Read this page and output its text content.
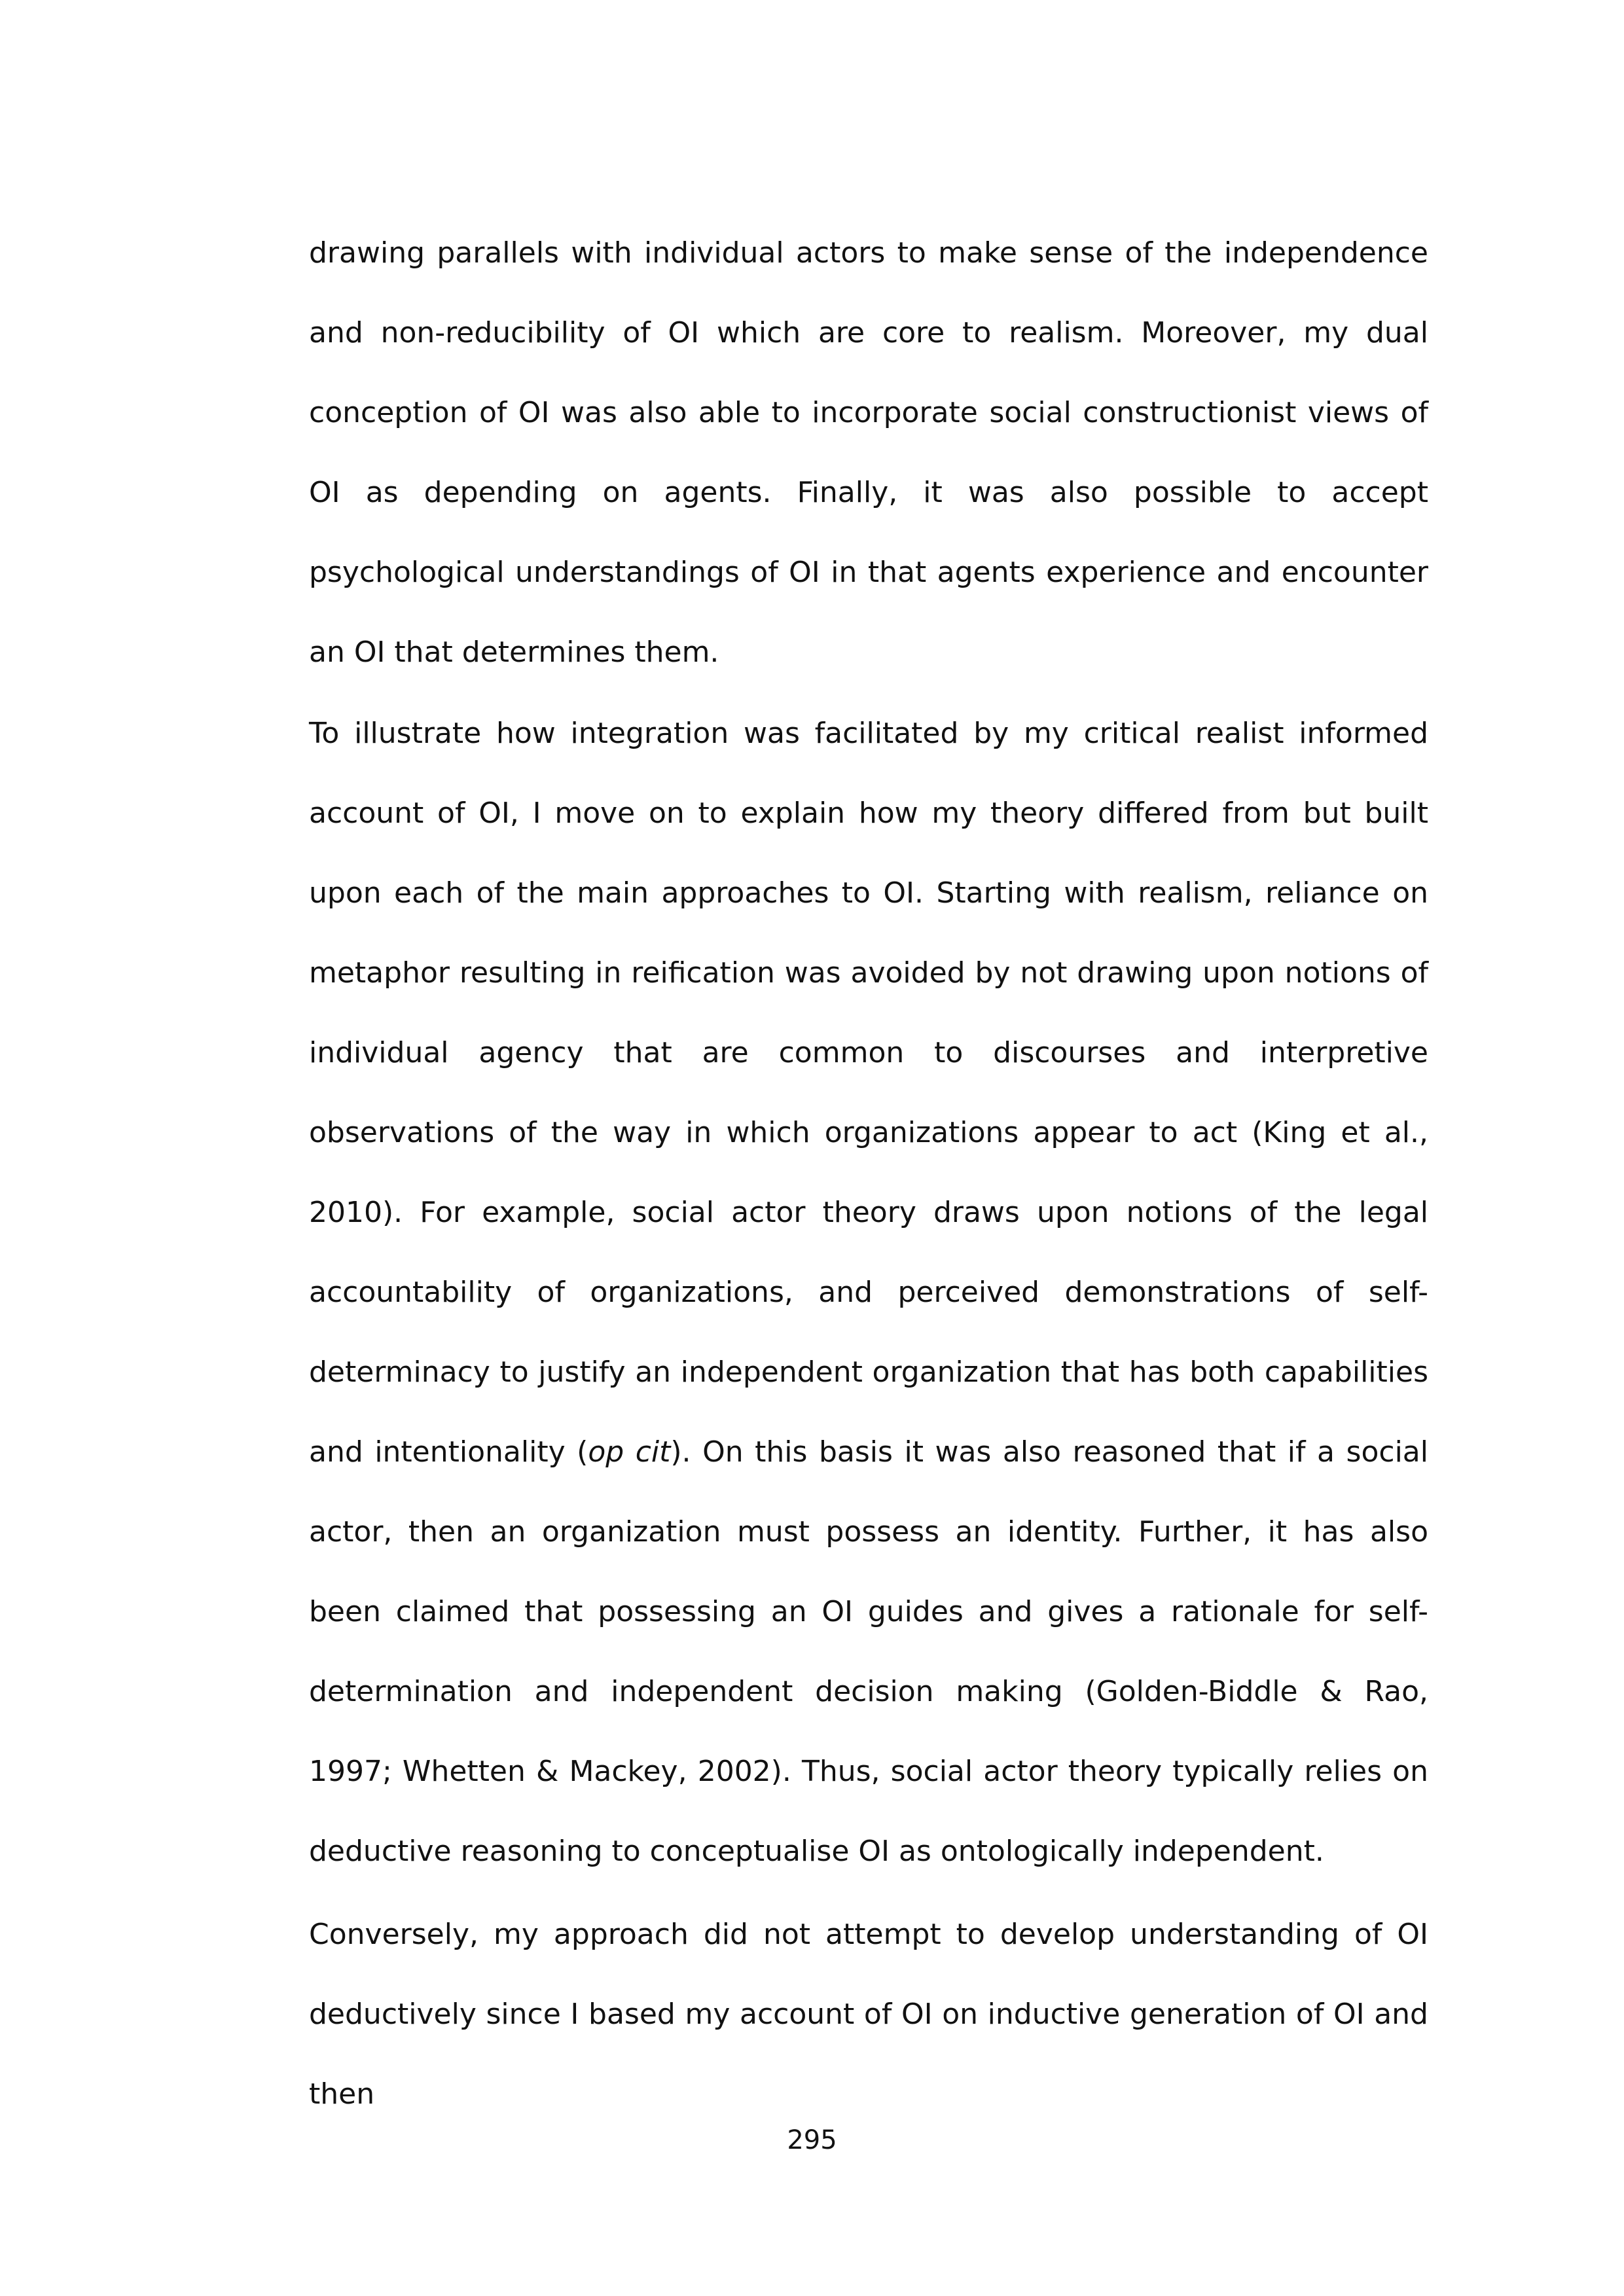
drawing parallels with individual actors to make sense of the independence and non-reducibility of OI which are core to realism. Moreover, my dual conception of OI was also able to incorporate social constructionist views of OI as depending on agents. Finally, it was also possible to accept psychological understandings of OI in that agents experience and encounter an OI that determines them.

To illustrate how integration was facilitated by my critical realist informed account of OI, I move on to explain how my theory differed from but built upon each of the main approaches to OI. Starting with realism, reliance on metaphor resulting in reification was avoided by not drawing upon notions of individual agency that are common to discourses and interpretive observations of the way in which organizations appear to act (King et al., 2010). For example, social actor theory draws upon notions of the legal accountability of organizations, and perceived demonstrations of self-determinacy to justify an independent organization that has both capabilities and intentionality (op cit). On this basis it was also reasoned that if a social actor, then an organization must possess an identity. Further, it has also been claimed that possessing an OI guides and gives a rationale for self-determination and independent decision making (Golden-Biddle & Rao, 1997; Whetten & Mackey, 2002). Thus, social actor theory typically relies on deductive reasoning to conceptualise OI as ontologically independent.

Conversely, my approach did not attempt to develop understanding of OI deductively since I based my account of OI on inductive generation of OI and then

295
